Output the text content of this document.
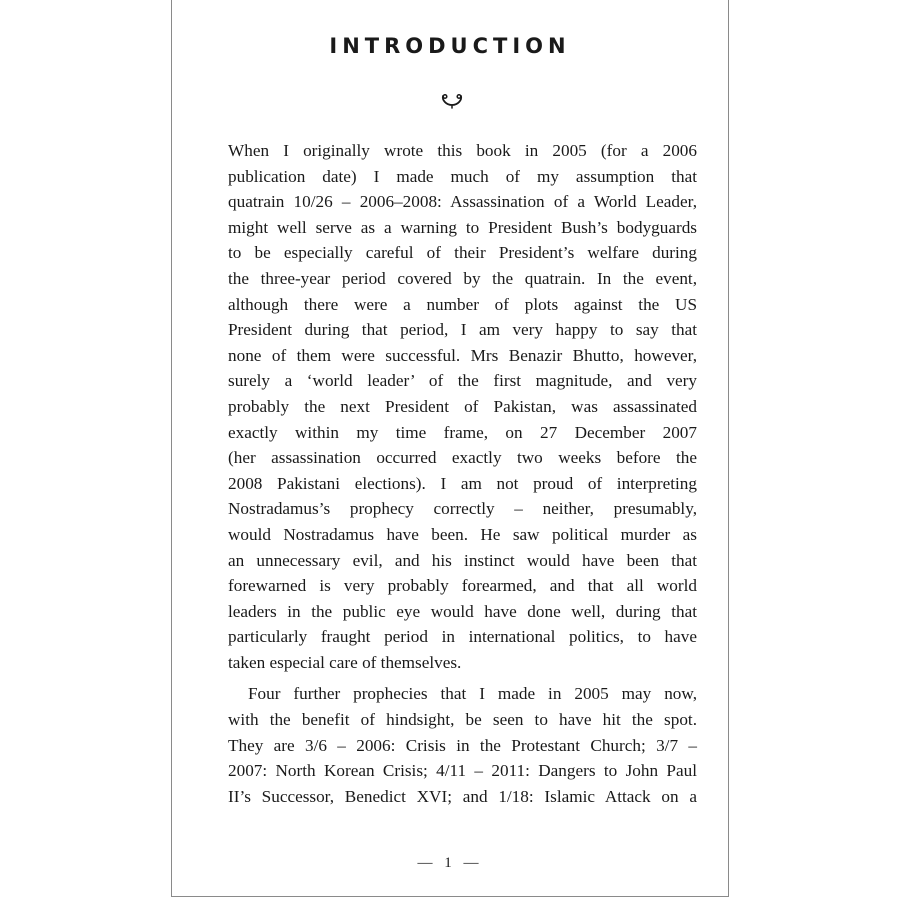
INTRODUCTION

When I originally wrote this book in 2005 (for a 2006
publication date) I made much of my assumption that
quatrain 10/26 – 2006–2008: Assassination of a World Leader,
might well serve as a warning to President Bush’s bodyguards
to be especially careful of their President’s welfare during
the three-year period covered by the quatrain. In the event,
although there were a number of plots against the US
President during that period, I am very happy to say that
none of them were successful. Mrs Benazir Bhutto, however,
surely a ‘world leader’ of the first magnitude, and very
probably the next President of Pakistan, was assassinated
exactly within my time frame, on 27 December 2007
(her assassination occurred exactly two weeks before the
2008 Pakistani elections). I am not proud of interpreting
Nostradamus’s prophecy correctly – neither, presumably,
would Nostradamus have been. He saw political murder as
an unnecessary evil, and his instinct would have been that
forewarned is very probably forearmed, and that all world
leaders in the public eye would have done well, during that
particularly fraught period in international politics, to have
taken especial care of themselves.

Four further prophecies that I made in 2005 may now,
with the benefit of hindsight, be seen to have hit the spot.
They are 3/6 – 2006: Crisis in the Protestant Church; 3/7 –
2007: North Korean Crisis; 4/11 – 2011: Dangers to John Paul
II’s Successor, Benedict XVI; and 1/18: Islamic Attack on a

— 1 —
